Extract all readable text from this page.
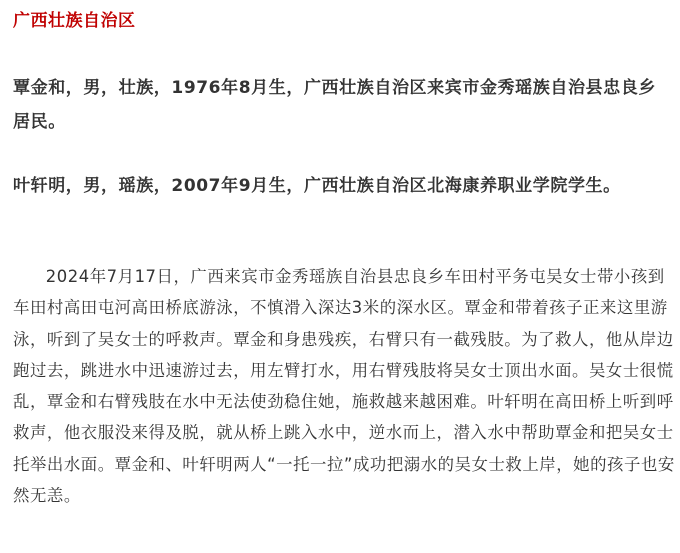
广西壮族自治区

覃金和，男，壮族，1976年8月生，广西壮族自治区来宾市金秀瑶族自治县忠良乡居民。

叶轩明，男，瑶族，2007年9月生，广西壮族自治区北海康养职业学院学生。

2024年7月17日，广西来宾市金秀瑶族自治县忠良乡车田村平务屯吴女士带小孩到车田村高田屯河高田桥底游泳，不慎滑入深达3米的深水区。覃金和带着孩子正来这里游泳，听到了吴女士的呼救声。覃金和身患残疾，右臂只有一截残肢。为了救人，他从岸边跑过去，跳进水中迅速游过去，用左臂打水，用右臂残肢将吴女士顶出水面。吴女士很慌乱，覃金和右臂残肢在水中无法使劲稳住她，施救越来越困难。叶轩明在高田桥上听到呼救声，他衣服没来得及脱，就从桥上跳入水中，逆水而上，潜入水中帮助覃金和把吴女士托举出水面。覃金和、叶轩明两人“一托一拉”成功把溺水的吴女士救上岸，她的孩子也安然无恙。
